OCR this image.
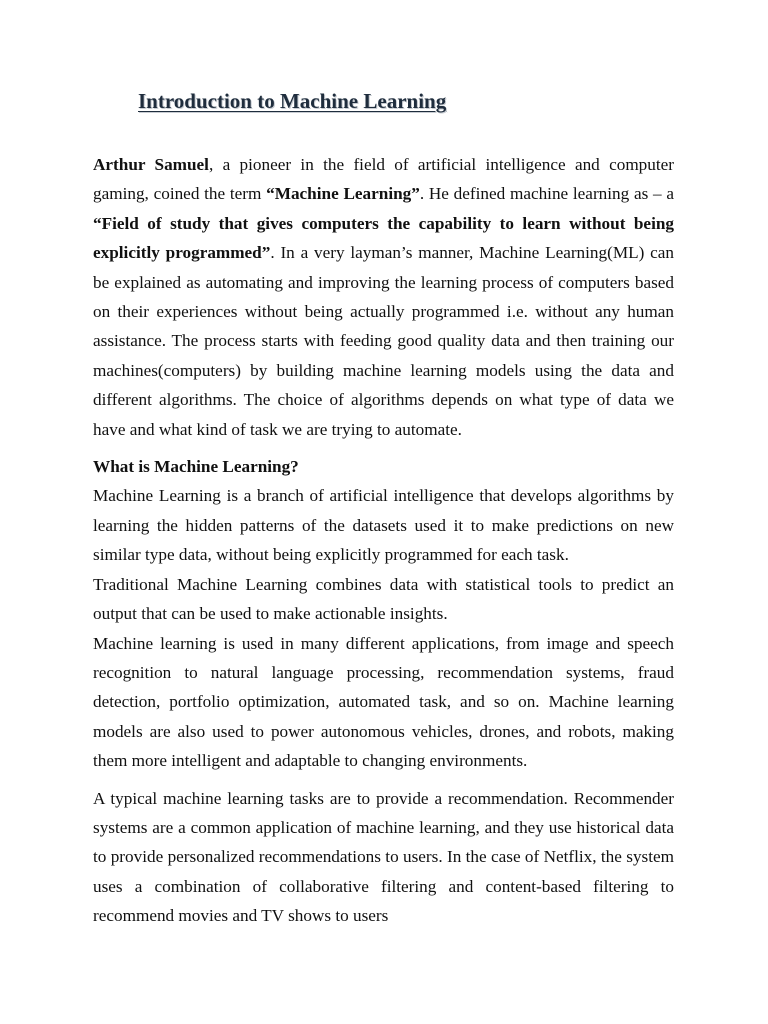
Introduction to Machine Learning

Arthur Samuel, a pioneer in the field of artificial intelligence and computer gaming, coined the term “Machine Learning”. He defined machine learning as – a “Field of study that gives computers the capability to learn without being explicitly programmed”. In a very layman’s manner, Machine Learning(ML) can be explained as automating and improving the learning process of computers based on their experiences without being actually programmed i.e. without any human assistance. The process starts with feeding good quality data and then training our machines(computers) by building machine learning models using the data and different algorithms. The choice of algorithms depends on what type of data we have and what kind of task we are trying to automate.

What is Machine Learning?

Machine Learning is a branch of artificial intelligence that develops algorithms by learning the hidden patterns of the datasets used it to make predictions on new similar type data, without being explicitly programmed for each task.

Traditional Machine Learning combines data with statistical tools to predict an output that can be used to make actionable insights.

Machine learning is used in many different applications, from image and speech recognition to natural language processing, recommendation systems, fraud detection, portfolio optimization, automated task, and so on. Machine learning models are also used to power autonomous vehicles, drones, and robots, making them more intelligent and adaptable to changing environments.

A typical machine learning tasks are to provide a recommendation. Recommender systems are a common application of machine learning, and they use historical data to provide personalized recommendations to users. In the case of Netflix, the system uses a combination of collaborative filtering and content-based filtering to recommend movies and TV shows to users
